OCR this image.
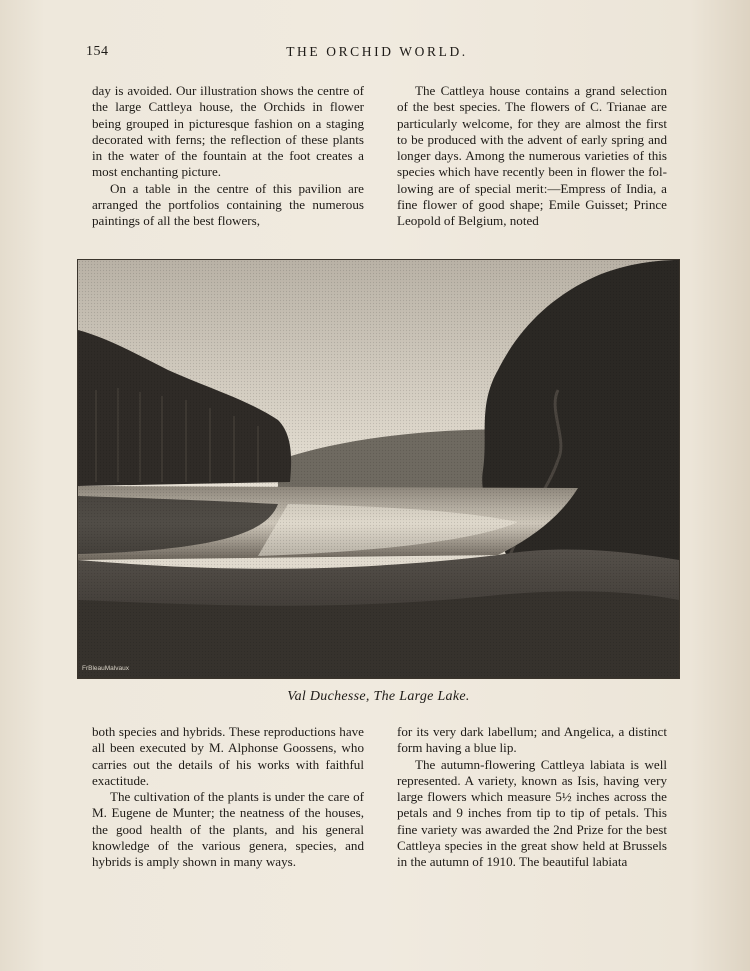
154	THE ORCHID WORLD.

day is avoided. Our illustration shows the centre of the large Cattleya house, the Orchids in flower being grouped in picturesque fashion on a staging decorated with ferns; the reflection of these plants in the water of the fountain at the foot creates a most enchanting picture.

On a table in the centre of this pavilion are arranged the portfolios containing the numerous paintings of all the best flowers,

The Cattleya house contains a grand selection of the best species. The flowers of C. Trianae are particularly welcome, for they are almost the first to be produced with the advent of early spring and longer days. Among the numerous varieties of this species which have recently been in flower the following are of special merit:—Empress of India, a fine flower of good shape; Emile Guisset; Prince Leopold of Belgium, noted

FrBleauMalvaux
Val Duchesse, The Large Lake.

both species and hybrids. These reproductions have all been executed by M. Alphonse Goossens, who carries out the details of his works with faithful exactitude.

The cultivation of the plants is under the care of M. Eugene de Munter; the neatness of the houses, the good health of the plants, and his general knowledge of the various genera, species, and hybrids is amply shown in many ways.

for its very dark labellum; and Angelica, a distinct form having a blue lip.

The autumn-flowering Cattleya labiata is well represented. A variety, known as Isis, having very large flowers which measure 5½ inches across the petals and 9 inches from tip to tip of petals. This fine variety was awarded the 2nd Prize for the best Cattleya species in the great show held at Brussels in the autumn of 1910. The beautiful labiata
